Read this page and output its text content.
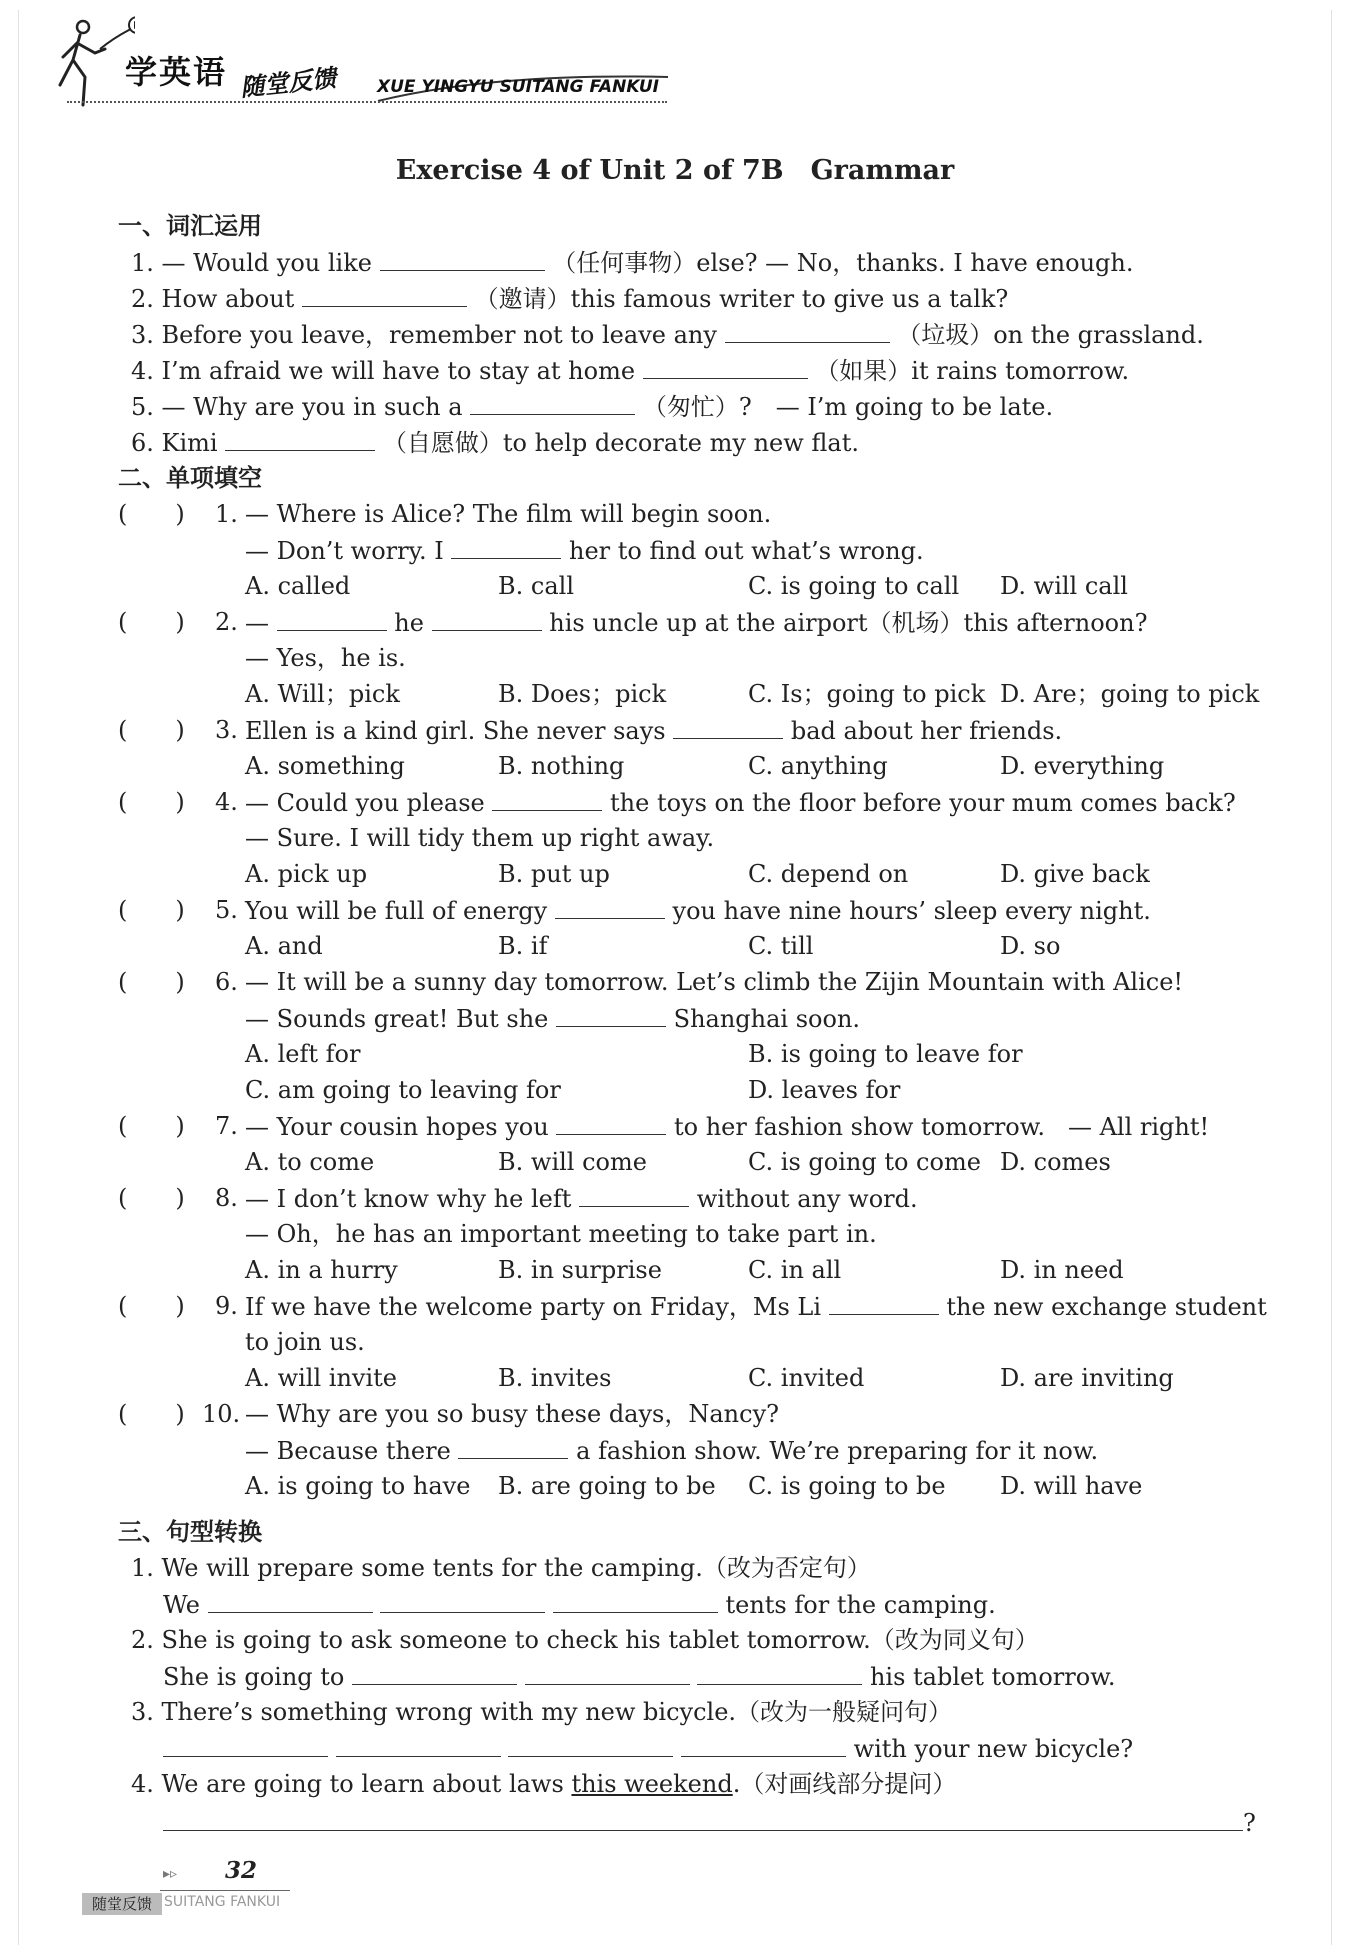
学英语 随堂反馈 XUE YINGYU SUITANG FANKUI
Exercise 4 of Unit 2 of 7B　Grammar
一、词汇运用
1. — Would you like	（任何事物）else? — No，thanks. I have enough.
2. How about	（邀请）this famous writer to give us a talk?
3. Before you leave，remember not to leave any	（垃圾）on the grassland.
4. I’m afraid we will have to stay at home	（如果）it rains tomorrow.
5. — Why are you in such a	（匆忙）?　— I’m going to be late.
6. Kimi	（自愿做）to help decorate my new flat.
二、单项填空
(　　) 1. — Where is Alice? The film will begin soon.
— Don’t worry. I	her to find out what’s wrong.
A. called	B. call	C. is going to call D. will call
(　　) 2. —	he	his uncle up at the airport（机场）this afternoon?
— Yes，he is.
A. Will；pick	B. Does；pick	C. Is；going to pick D. Are；going to pick
(　　) 3. Ellen is a kind girl. She never says	bad about her friends.
A. something	B. nothing	C. anything	D. everything
(　　) 4. — Could you please	the toys on the floor before your mum comes back?
— Sure. I will tidy them up right away.
A. pick up	B. put up	C. depend on	D. give back
(　　) 5. You will be full of energy	you have nine hours’ sleep every night.
A. and	B. if	C. till	D. so
(　　) 6. — It will be a sunny day tomorrow. Let’s climb the Zijin Mountain with Alice!
— Sounds great! But she	Shanghai soon.
A. left for	B. is going to leave for
C. am going to leaving for	D. leaves for
(　　) 7. — Your cousin hopes you	to her fashion show tomorrow. — All right!
A. to come	B. will come	C. is going to come D. comes
(　　) 8. — I don’t know why he left	without any word.
— Oh，he has an important meeting to take part in.
A. in a hurry	B. in surprise	C. in all	D. in need
(　　) 9. If we have the welcome party on Friday，Ms Li	the new exchange student
to join us.
A. will invite	B. invites	C. invited	D. are inviting
(　　) 10. — Why are you so busy these days，Nancy?
— Because there	a fashion show. We’re preparing for it now.
A. is going to have B. are going to be C. is going to be D. will have
三、句型转换
1. We will prepare some tents for the camping.（改为否定句）
We	tents for the camping.
2. She is going to ask someone to check his tablet tomorrow.（改为同义句）
She is going to	his tablet tomorrow.
3. There’s something wrong with my new bicycle.（改为一般疑问句）
with your new bicycle?
4. We are going to learn about laws this weekend.（对画线部分提问）
?
▸▹ 32
随堂反馈 SUITANG FANKUI
